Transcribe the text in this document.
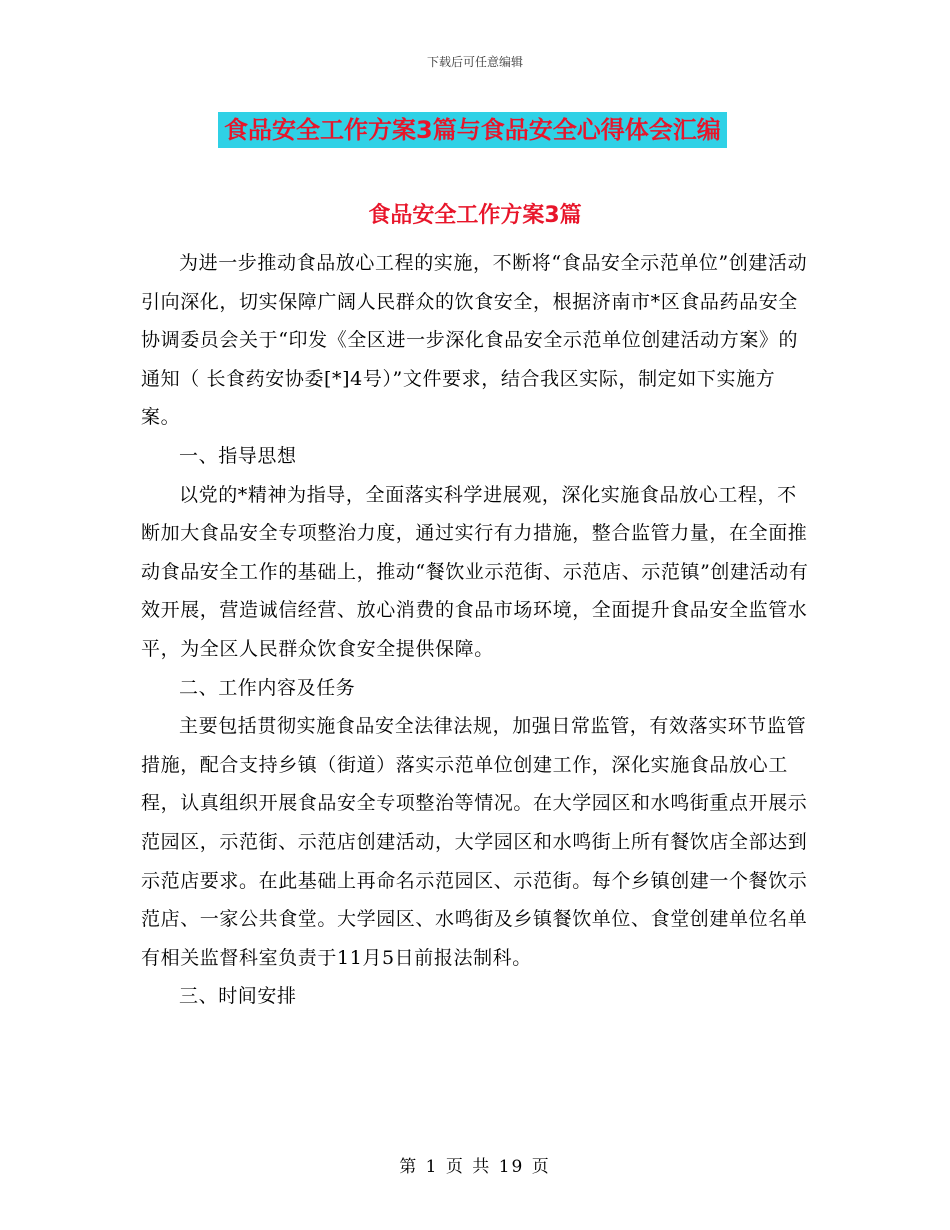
下载后可任意编辑
食品安全工作方案3篇与食品安全心得体会汇编
食品安全工作方案3篇

为进一步推动食品放心工程的实施，不断将“食品安全示范单位”创建活动引向深化，切实保障广阔人民群众的饮食安全，根据济南市*区食品药品安全协调委员会关于“印发《全区进一步深化食品安全示范单位创建活动方案》的通知（ 长食药安协委[*]4号）”文件要求，结合我区实际，制定如下实施方案。

一、指导思想

以党的*精神为指导，全面落实科学进展观，深化实施食品放心工程，不断加大食品安全专项整治力度，通过实行有力措施，整合监管力量，在全面推动食品安全工作的基础上，推动“餐饮业示范街、示范店、示范镇”创建活动有效开展，营造诚信经营、放心消费的食品市场环境，全面提升食品安全监管水平，为全区人民群众饮食安全提供保障。

二、工作内容及任务

主要包括贯彻实施食品安全法律法规，加强日常监管，有效落实环节监管措施，配合支持乡镇（街道）落实示范单位创建工作，深化实施食品放心工程，认真组织开展食品安全专项整治等情况。在大学园区和水鸣街重点开展示范园区，示范街、示范店创建活动，大学园区和水鸣街上所有餐饮店全部达到示范店要求。在此基础上再命名示范园区、示范街。每个乡镇创建一个餐饮示范店、一家公共食堂。大学园区、水鸣街及乡镇餐饮单位、食堂创建单位名单有相关监督科室负责于11月5日前报法制科。

三、时间安排

第 1 页 共 19 页
